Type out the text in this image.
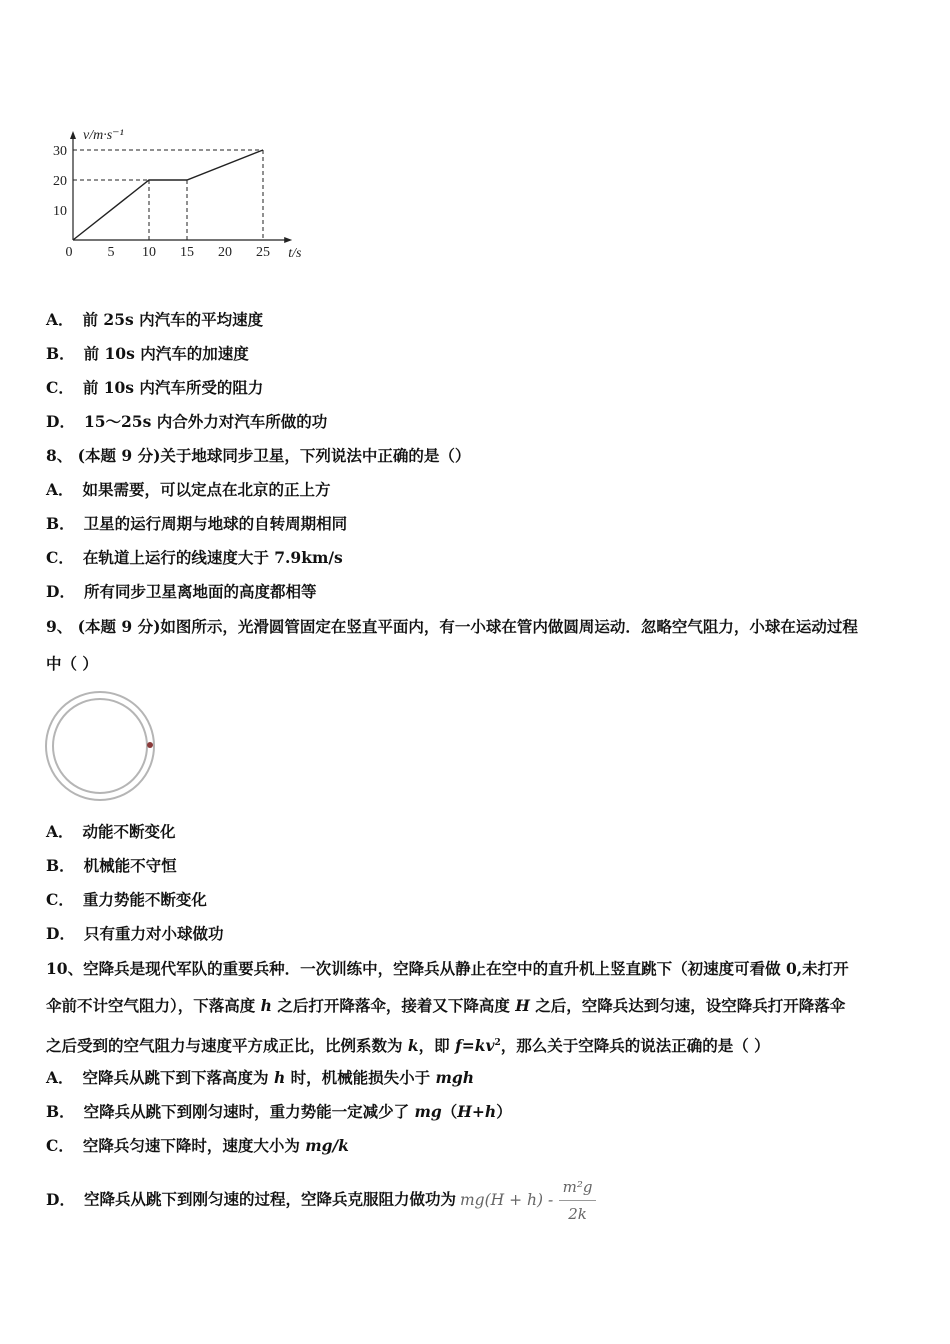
v/m·s⁻¹
t/s
0	5 10 15 20 25
10
20
30
A． 前 25s 内汽车的平均速度
B． 前 10s 内汽车的加速度
C． 前 10s 内汽车所受的阻力
D． 15～25s 内合外力对汽车所做的功
8、 (本题 9 分)关于地球同步卫星，下列说法中正确的是（）
A． 如果需要，可以定点在北京的正上方
B． 卫星的运行周期与地球的自转周期相同
C． 在轨道上运行的线速度大于 7.9km/s
D． 所有同步卫星离地面的高度都相等
9、 (本题 9 分)如图所示，光滑圆管固定在竖直平面内，有一小球在管内做圆周运动．忽略空气阻力，小球在运动过程
中（ ）
A． 动能不断变化
B． 机械能不守恒
C． 重力势能不断变化
D． 只有重力对小球做功
10、空降兵是现代军队的重要兵种．一次训练中，空降兵从静止在空中的直升机上竖直跳下（初速度可看做 0,未打开
伞前不计空气阻力），下落高度 h 之后打开降落伞，接着又下降高度 H 之后，空降兵达到匀速，设空降兵打开降落伞
之后受到的空气阻力与速度平方成正比，比例系数为 k，即 $f=kv^2$，那么关于空降兵的说法正确的是（ ）
A． 空降兵从跳下到下落高度为 h 时，机械能损失小于 mgh
B． 空降兵从跳下到刚匀速时，重力势能一定减少了 mg（H+h）
C． 空降兵匀速下降时，速度大小为 mg/k
D． 空降兵从跳下到刚匀速的过程，空降兵克服阻力做功为 $mg(H + h) - \frac{\text{m²g}}{2k}$
